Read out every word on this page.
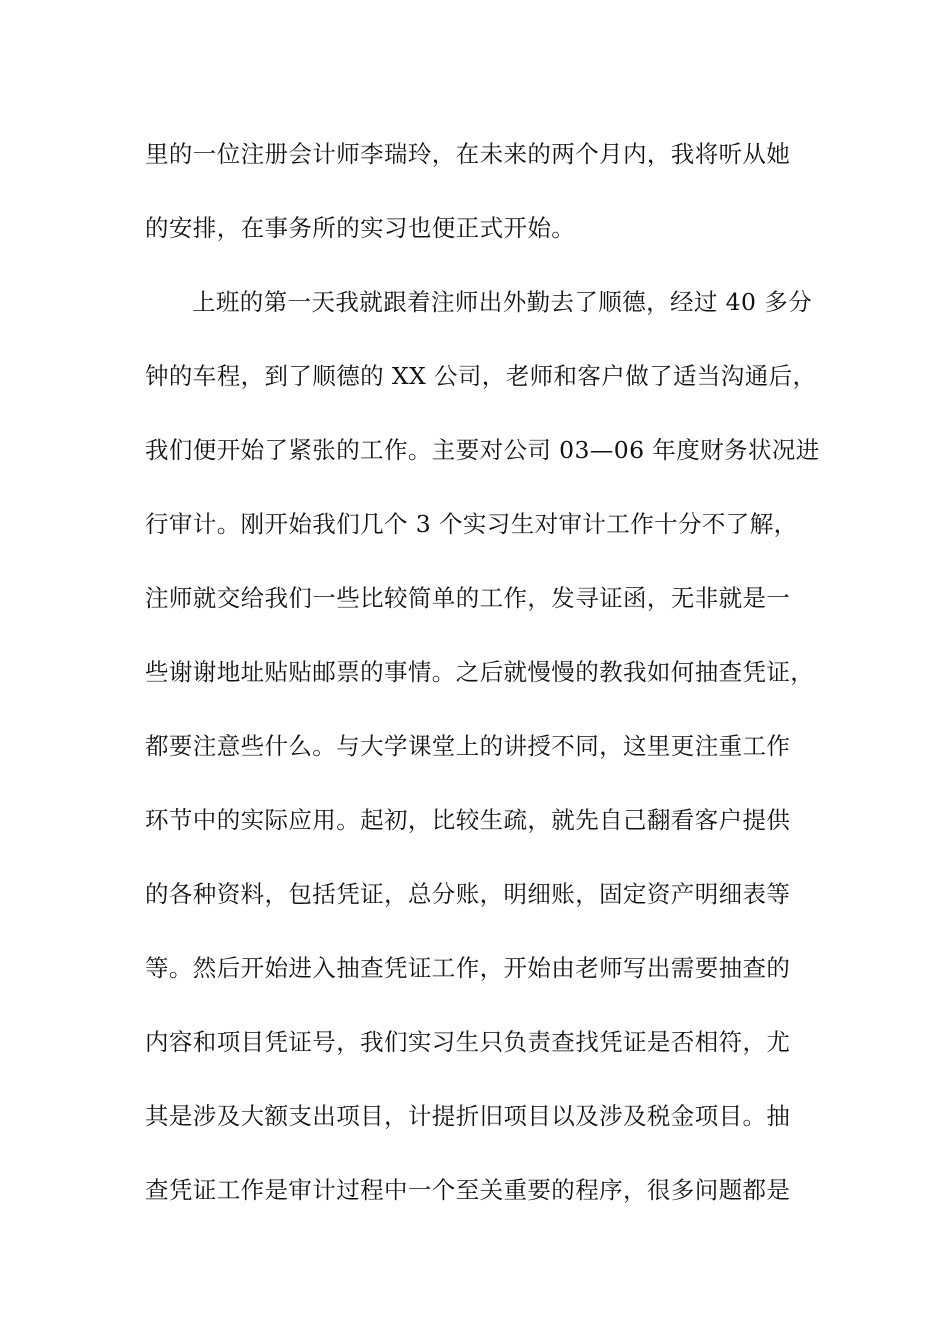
里的一位注册会计师李瑞玲，在未来的两个月内，我将听从她
的安排，在事务所的实习也便正式开始。
上班的第一天我就跟着注师出外勤去了顺德，经过 40 多分
钟的车程，到了顺德的 XX 公司，老师和客户做了适当沟通后，
我们便开始了紧张的工作。主要对公司 03—06 年度财务状况进
行审计。刚开始我们几个 3 个实习生对审计工作十分不了解，
注师就交给我们一些比较简单的工作，发寻证函，无非就是一
些谢谢地址贴贴邮票的事情。之后就慢慢的教我如何抽查凭证，
都要注意些什么。与大学课堂上的讲授不同，这里更注重工作
环节中的实际应用。起初，比较生疏，就先自己翻看客户提供
的各种资料，包括凭证，总分账，明细账，固定资产明细表等
等。然后开始进入抽查凭证工作，开始由老师写出需要抽查的
内容和项目凭证号，我们实习生只负责查找凭证是否相符，尤
其是涉及大额支出项目，计提折旧项目以及涉及税金项目。抽
查凭证工作是审计过程中一个至关重要的程序，很多问题都是
